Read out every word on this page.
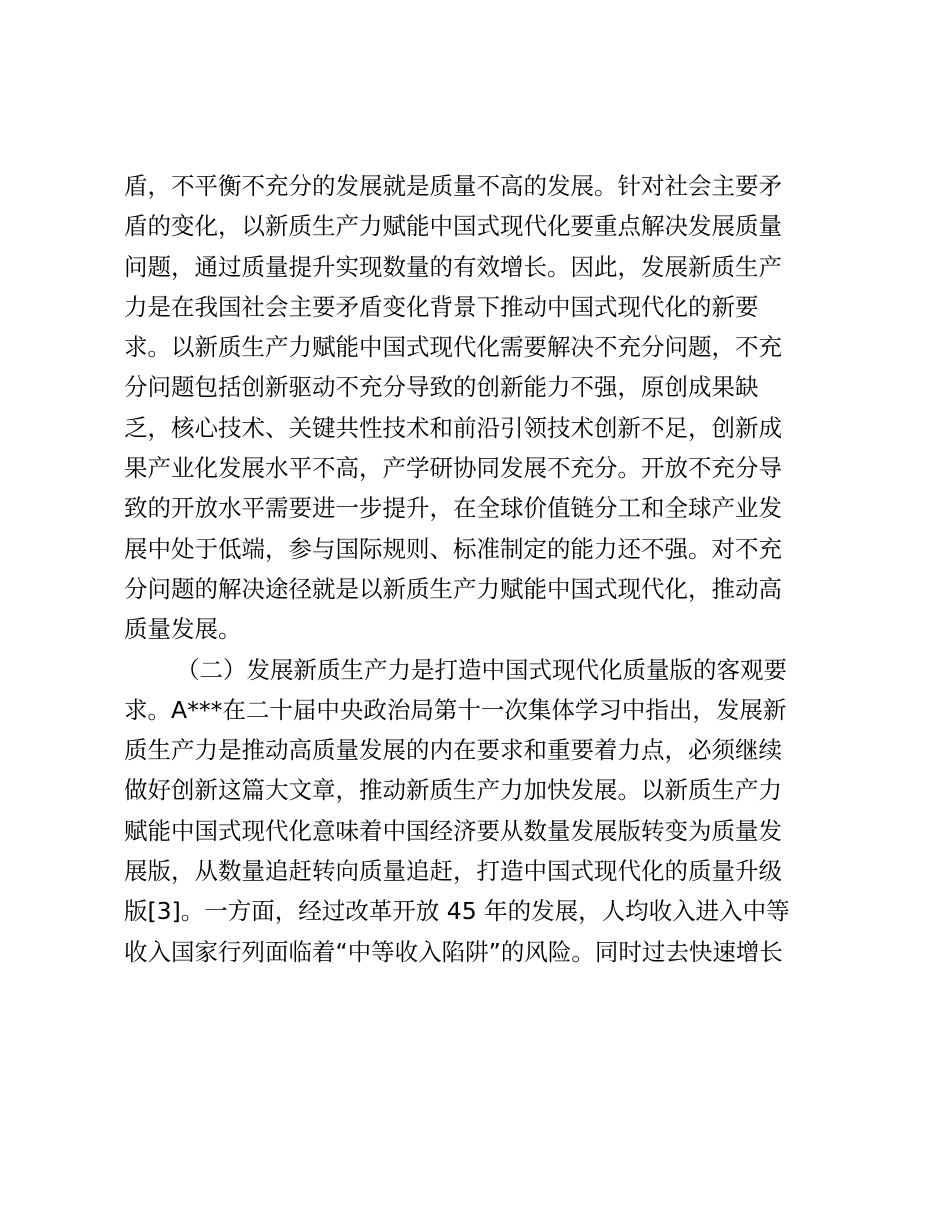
盾，不平衡不充分的发展就是质量不高的发展。针对社会主要矛
盾的变化，以新质生产力赋能中国式现代化要重点解决发展质量
问题，通过质量提升实现数量的有效增长。因此，发展新质生产
力是在我国社会主要矛盾变化背景下推动中国式现代化的新要
求。以新质生产力赋能中国式现代化需要解决不充分问题，不充
分问题包括创新驱动不充分导致的创新能力不强，原创成果缺
乏，核心技术、关键共性技术和前沿引领技术创新不足，创新成
果产业化发展水平不高，产学研协同发展不充分。开放不充分导
致的开放水平需要进一步提升，在全球价值链分工和全球产业发
展中处于低端，参与国际规则、标准制定的能力还不强。对不充
分问题的解决途径就是以新质生产力赋能中国式现代化，推动高
质量发展。
（二）发展新质生产力是打造中国式现代化质量版的客观要
求。A***在二十届中央政治局第十一次集体学习中指出，发展新
质生产力是推动高质量发展的内在要求和重要着力点，必须继续
做好创新这篇大文章，推动新质生产力加快发展。以新质生产力
赋能中国式现代化意味着中国经济要从数量发展版转变为质量发
展版，从数量追赶转向质量追赶，打造中国式现代化的质量升级
版[3]。一方面，经过改革开放 45 年的发展，人均收入进入中等
收入国家行列面临着“中等收入陷阱”的风险。同时过去快速增长
